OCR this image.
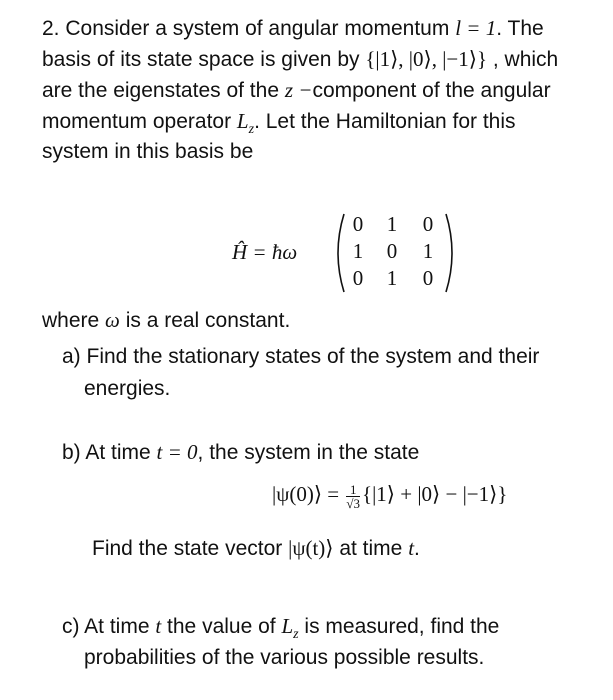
2. Consider a system of angular momentum l = 1. The
basis of its state space is given by {|1⟩, |0⟩, |−1⟩} , which
are the eigenstates of the z −component of the angular
momentum operator $L_z$. Let the Hamiltonian for this
system in this basis be
Ĥ = ħω
0 1 0
1 0 1
0 1 0
where ω is a real constant.
a) Find the stationary states of the system and their
energies.
b) At time t = 0, the system in the state
|ψ(0)⟩ = $\frac{1}{√3}$ {|1⟩ + |0⟩ − |−1⟩}
Find the state vector |ψ(t)⟩ at time t.
c) At time t the value of $L_z$ is measured, find the
probabilities of the various possible results.
